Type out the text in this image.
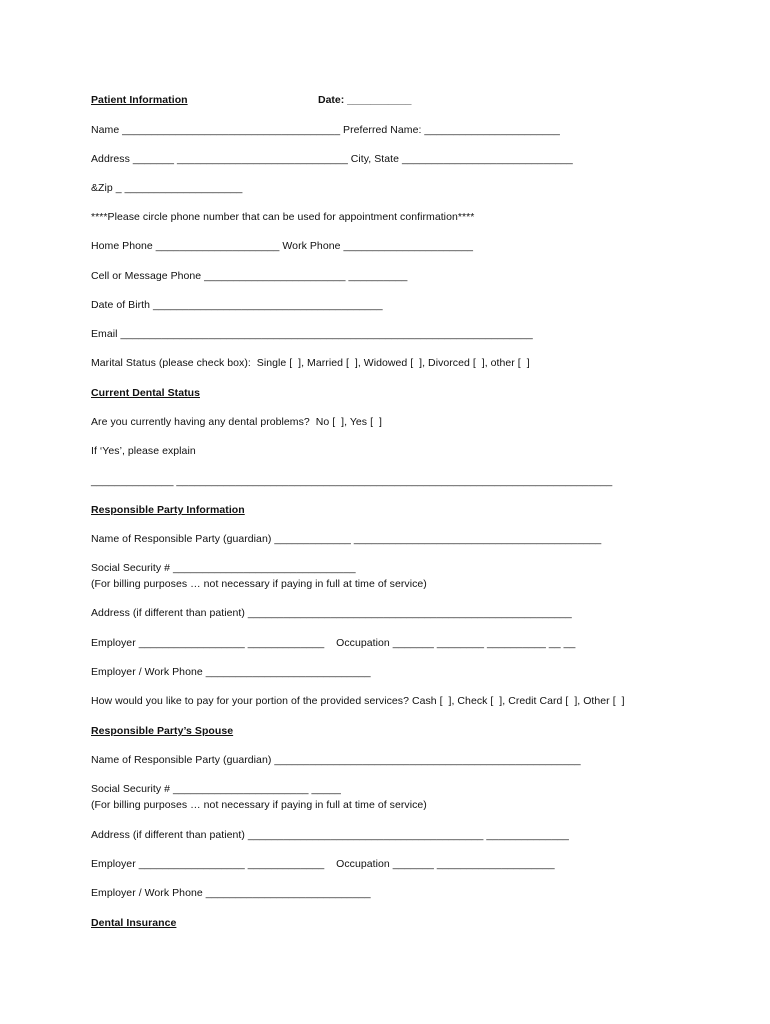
Patient Information	Date: ___________
Name _____________________________________ Preferred Name: _______________________
Address _______ _____________________________ City, State _____________________________
&Zip _ ____________________
****Please circle phone number that can be used for appointment confirmation****
Home Phone _____________________ Work Phone ______________________
Cell or Message Phone ________________________ __________
Date of Birth _______________________________________
Email ______________________________________________________________________
Marital Status (please check box):  Single [  ], Married [  ], Widowed [  ], Divorced [  ], other [  ]
Current Dental Status
Are you currently having any dental problems?  No [  ], Yes [  ]
If ‘Yes’, please explain
______________ __________________________________________________________________________
Responsible Party Information
Name of Responsible Party (guardian) _____________ __________________________________________
Social Security # _______________________________
(For billing purposes … not necessary if paying in full at time of service)
Address (if different than patient) _______________________________________________________
Employer __________________ _____________    Occupation _______ ________ __________ __ __
Employer / Work Phone ____________________________
How would you like to pay for your portion of the provided services? Cash [  ], Check [  ], Credit Card [  ], Other [  ]
Responsible Party’s Spouse
Name of Responsible Party (guardian) ____________________________________________________
Social Security # _______________________ _____
(For billing purposes … not necessary if paying in full at time of service)
Address (if different than patient) ________________________________________ ______________
Employer __________________ _____________    Occupation _______ ____________________
Employer / Work Phone ____________________________
Dental Insurance
